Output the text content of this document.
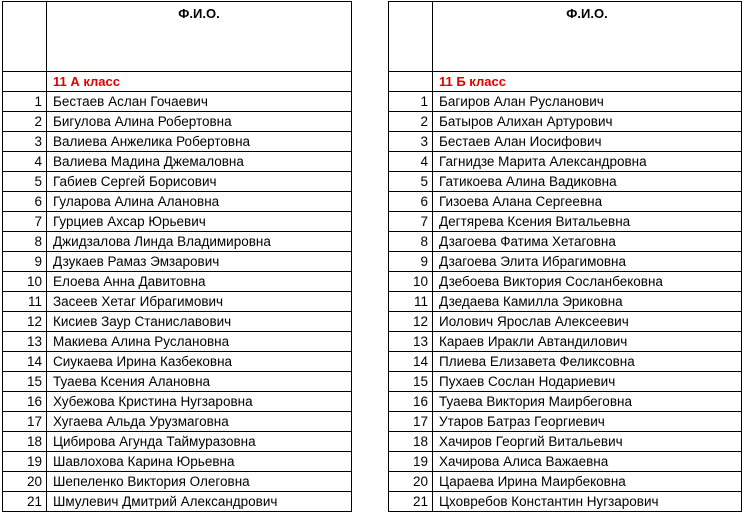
	Ф.И.О.
	11 А класс
1	Бестаев Аслан Гочаевич
2	Бигулова Алина Робертовна
3	Валиева Анжелика Робертовна
4	Валиева Мадина Джемаловна
5	Габиев Сергей Борисович
6	Гуларова Алина Алановна
7	Гурциев Ахсар Юрьевич
8	Джидзалова Линда Владимировна
9	Дзукаев Рамаз Эмзарович
10	Елоева Анна Давитовна
11	Засеев Хетаг Ибрагимович
12	Кисиев Заур Станиславович
13	Макиева Алина Руслановна
14	Сиукаева Ирина Казбековна
15	Туаева Ксения Алановна
16	Хубежова Кристина Нугзаровна
17	Хугаева Альда Урузмаговна
18	Цибирова Агунда Таймуразовна
19	Шавлохова Карина Юрьевна
20	Шепеленко Виктория Олеговна
21	Шмулевич Дмитрий Александрович
	Ф.И.О.
	11 Б класс
1	Багиров Алан Русланович
2	Батыров Алихан Артурович
3	Бестаев Алан Иосифович
4	Гагнидзе Марита Александровна
5	Гатикоева Алина Вадиковна
6	Гизоева Алана Сергеевна
7	Дегтярева Ксения Витальевна
8	Дзагоева Фатима Хетаговна
9	Дзагоева Элита Ибрагимовна
10	Дзебоева Виктория Сосланбековна
11	Дзедаева Камилла Эриковна
12	Иолович Ярослав Алексеевич
13	Караев Иракли Автандилович
14	Плиева Елизавета Феликсовна
15	Пухаев Сослан Нодариевич
16	Туаева Виктория Маирбеговна
17	Утаров Батраз Георгиевич
18	Хачиров Георгий Витальевич
19	Хачирова Алиса Важаевна
20	Цараева Ирина Маирбековна
21	Цховребов Константин Нугзарович
